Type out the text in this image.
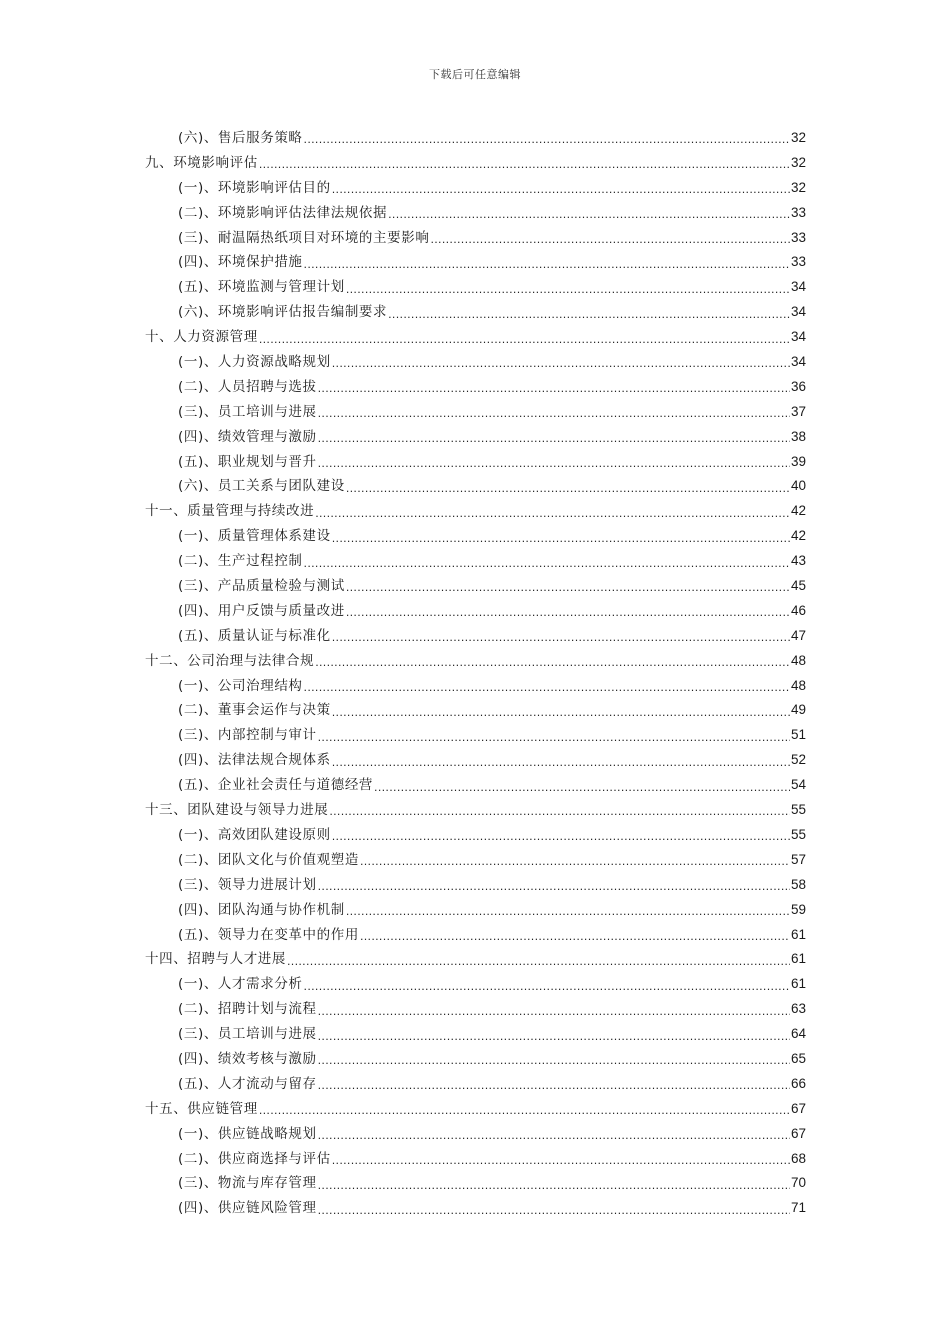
下载后可任意编辑
(六)、售后服务策略 .....	32
九、环境影响评估 .....	32
(一)、环境影响评估目的 .....	32
(二)、环境影响评估法律法规依据 .....	33
(三)、耐温隔热纸项目对环境的主要影响 .....	33
(四)、环境保护措施 .....	33
(五)、环境监测与管理计划 .....	34
(六)、环境影响评估报告编制要求 .....	34
十、人力资源管理 .....	34
(一)、人力资源战略规划 .....	34
(二)、人员招聘与选拔 .....	36
(三)、员工培训与进展 .....	37
(四)、绩效管理与激励 .....	38
(五)、职业规划与晋升 .....	39
(六)、员工关系与团队建设 .....	40
十一、质量管理与持续改进 .....	42
(一)、质量管理体系建设 .....	42
(二)、生产过程控制 .....	43
(三)、产品质量检验与测试 .....	45
(四)、用户反馈与质量改进 .....	46
(五)、质量认证与标准化 .....	47
十二、公司治理与法律合规 .....	48
(一)、公司治理结构 .....	48
(二)、董事会运作与决策 .....	49
(三)、内部控制与审计 .....	51
(四)、法律法规合规体系 .....	52
(五)、企业社会责任与道德经营 .....	54
十三、团队建设与领导力进展 .....	55
(一)、高效团队建设原则 .....	55
(二)、团队文化与价值观塑造 .....	57
(三)、领导力进展计划 .....	58
(四)、团队沟通与协作机制 .....	59
(五)、领导力在变革中的作用 .....	61
十四、招聘与人才进展 .....	61
(一)、人才需求分析 .....	61
(二)、招聘计划与流程 .....	63
(三)、员工培训与进展 .....	64
(四)、绩效考核与激励 .....	65
(五)、人才流动与留存 .....	66
十五、供应链管理 .....	67
(一)、供应链战略规划 .....	67
(二)、供应商选择与评估 .....	68
(三)、物流与库存管理 .....	70
(四)、供应链风险管理 .....	71
